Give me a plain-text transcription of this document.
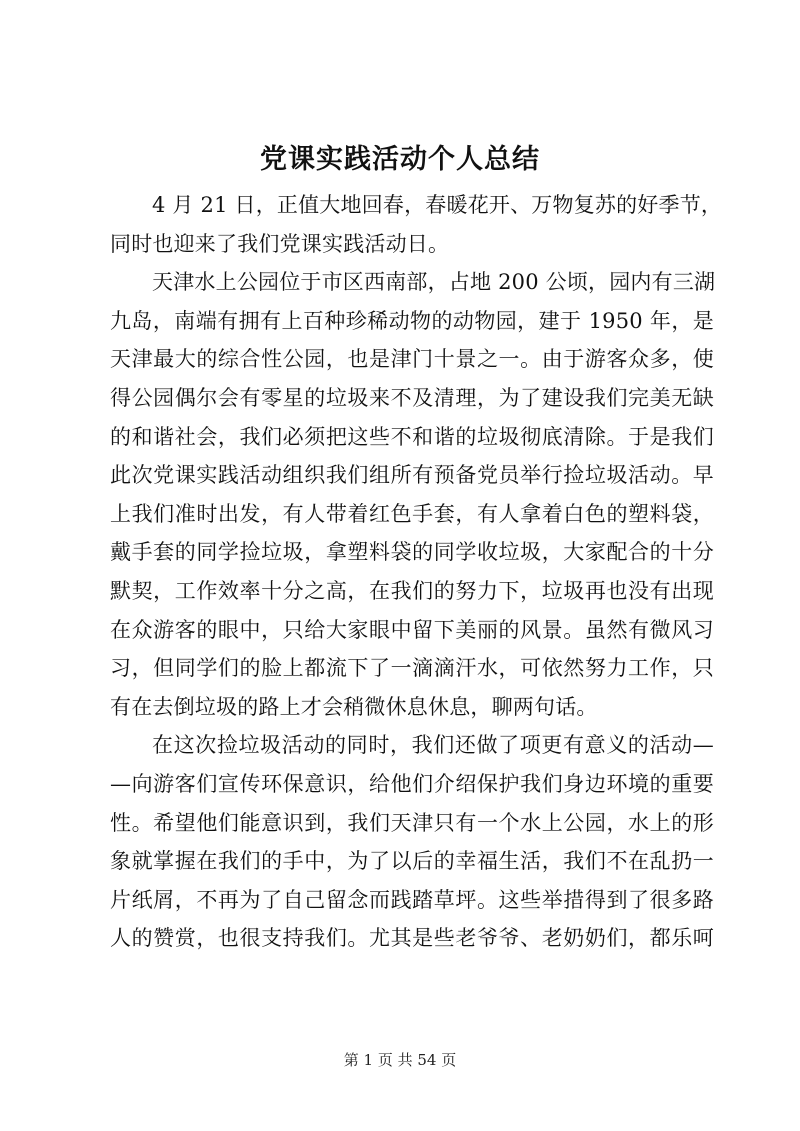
党课实践活动个人总结
4 月 21 日，正值大地回春，春暖花开、万物复苏的好季节，
同时也迎来了我们党课实践活动日。
天津水上公园位于市区西南部，占地 200 公顷，园内有三湖
九岛，南端有拥有上百种珍稀动物的动物园，建于 1950 年，是
天津最大的综合性公园，也是津门十景之一。由于游客众多，使
得公园偶尔会有零星的垃圾来不及清理，为了建设我们完美无缺
的和谐社会，我们必须把这些不和谐的垃圾彻底清除。于是我们
此次党课实践活动组织我们组所有预备党员举行捡垃圾活动。早
上我们准时出发，有人带着红色手套，有人拿着白色的塑料袋，
戴手套的同学捡垃圾，拿塑料袋的同学收垃圾，大家配合的十分
默契，工作效率十分之高，在我们的努力下，垃圾再也没有出现
在众游客的眼中，只给大家眼中留下美丽的风景。虽然有微风习
习，但同学们的脸上都流下了一滴滴汗水，可依然努力工作，只
有在去倒垃圾的路上才会稍微休息休息，聊两句话。
在这次捡垃圾活动的同时，我们还做了项更有意义的活动—
—向游客们宣传环保意识，给他们介绍保护我们身边环境的重要
性。希望他们能意识到，我们天津只有一个水上公园，水上的形
象就掌握在我们的手中，为了以后的幸福生活，我们不在乱扔一
片纸屑，不再为了自己留念而践踏草坪。这些举措得到了很多路
人的赞赏，也很支持我们。尤其是些老爷爷、老奶奶们，都乐呵
第 1 页 共 54 页
